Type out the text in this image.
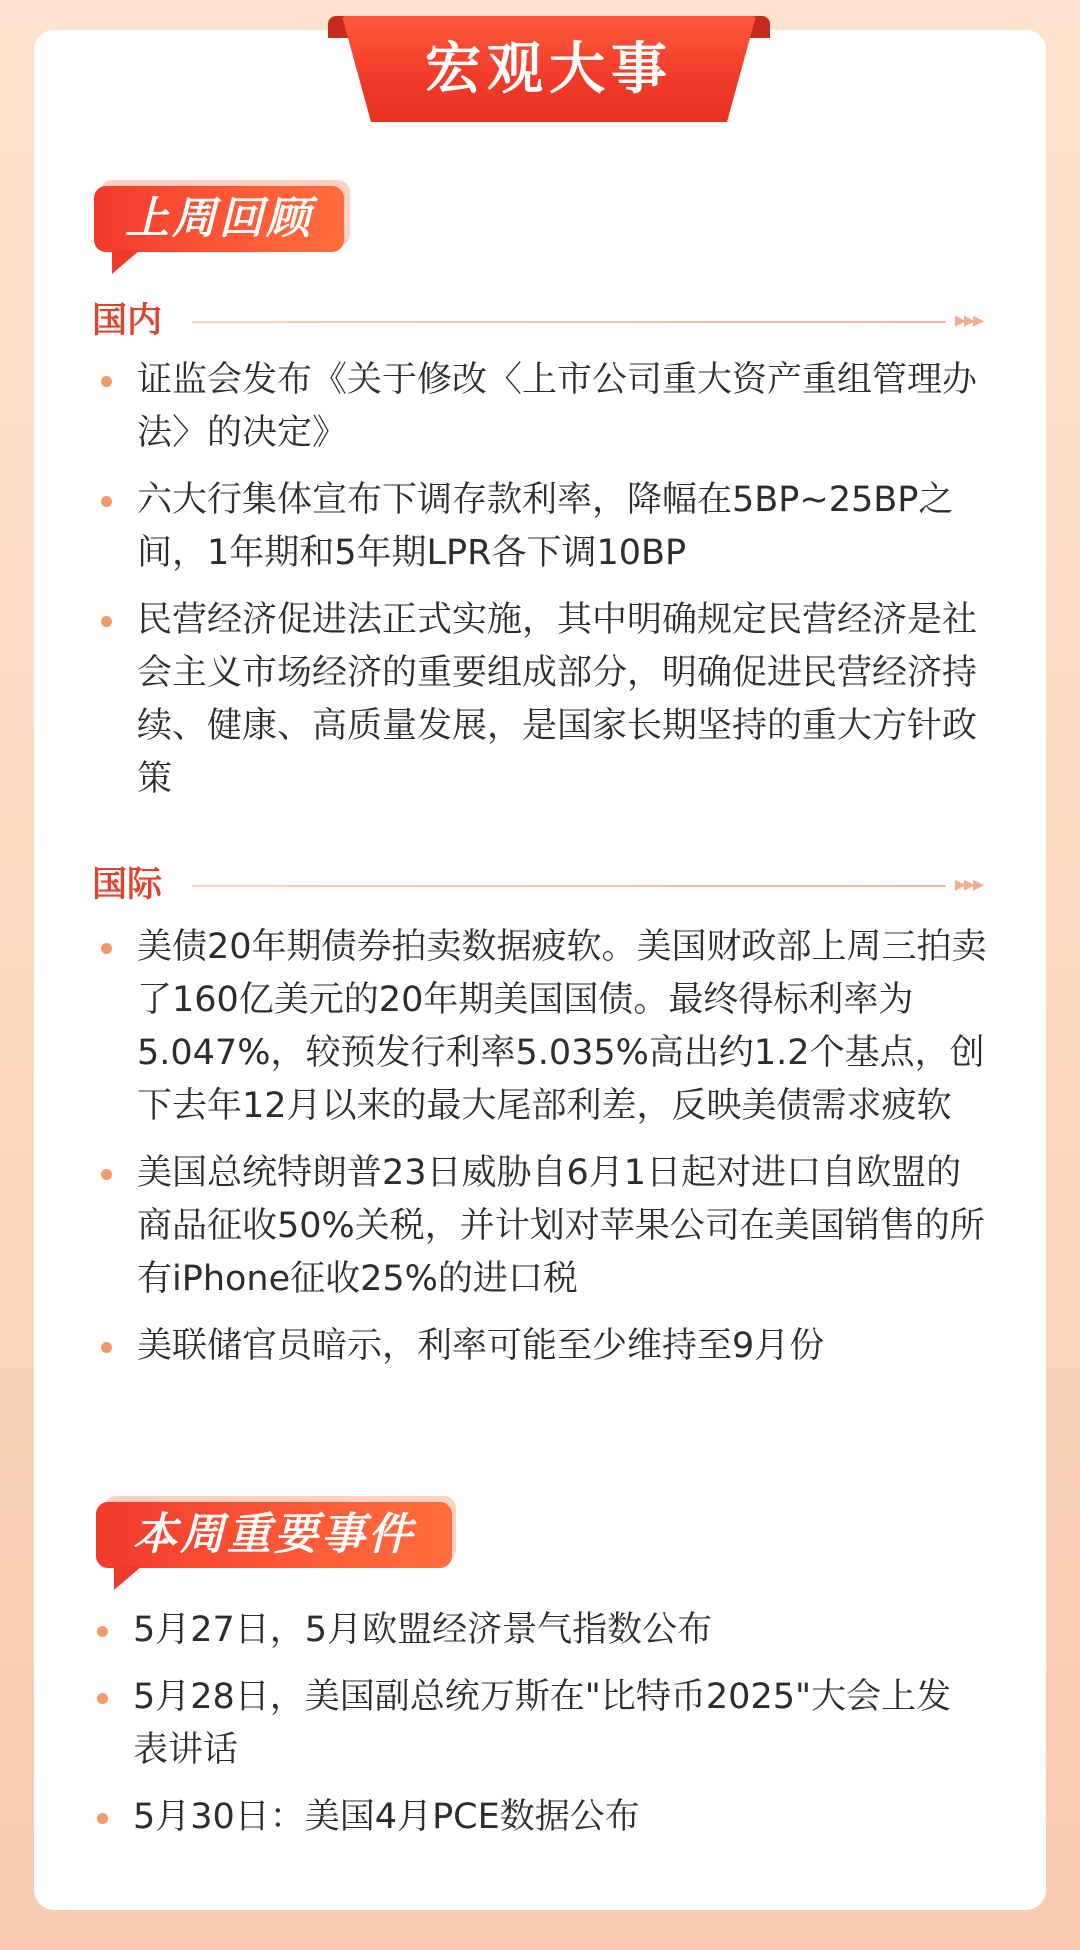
宏观大事
上周回顾
国内	▸▸▸
证监会发布《关于修改〈上市公司重大资产重组管理办法〉的决定》
六大行集体宣布下调存款利率，降幅在5BP~25BP之间，1年期和5年期LPR各下调10BP
民营经济促进法正式实施，其中明确规定民营经济是社会主义市场经济的重要组成部分，明确促进民营经济持续、健康、高质量发展，是国家长期坚持的重大方针政策
国际	▸▸▸
美债20年期债券拍卖数据疲软。美国财政部上周三拍卖了160亿美元的20年期美国国债。最终得标利率为5.047%，较预发行利率5.035%高出约1.2个基点，创下去年12月以来的最大尾部利差，反映美债需求疲软
美国总统特朗普23日威胁自6月1日起对进口自欧盟的商品征收50%关税，并计划对苹果公司在美国销售的所有iPhone征收25%的进口税
美联储官员暗示，利率可能至少维持至9月份
本周重要事件
5月27日，5月欧盟经济景气指数公布
5月28日，美国副总统万斯在"比特币2025"大会上发表讲话
5月30日：美国4月PCE数据公布
